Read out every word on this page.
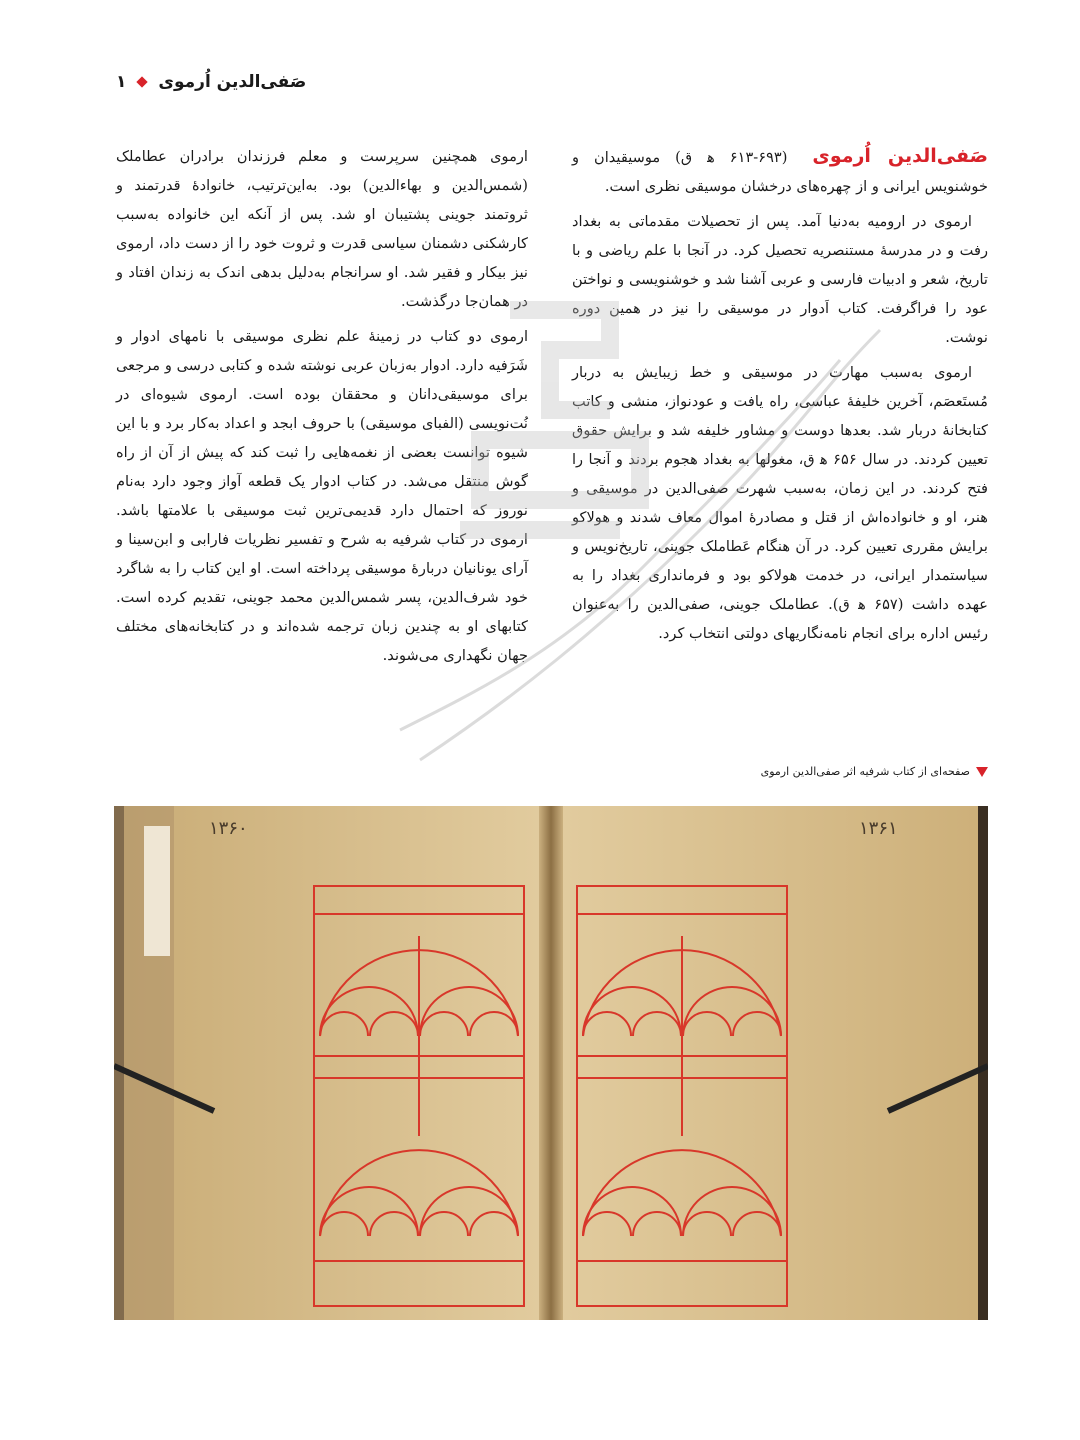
صَفی‌الدین اُرموی
۱

صَفی‌الدین اُرموی (۶۹۳-۶۱۳ ه‍ ق) موسیقیدان و خوشنویس ایرانی و از چهره‌های درخشان موسیقی نظری است.

ارموی در ارومیه به‌دنیا آمد. پس از تحصیلات مقدماتی به بغداد رفت و در مدرسهٔ مستنصریه تحصیل کرد. در آنجا با علم ریاضی و با تاریخ، شعر و ادبیات فارسی و عربی آشنا شد و خوشنویسی و نواختن عود را فراگرفت. کتاب اَدوار در موسیقی را نیز در همین دوره نوشت.

ارموی به‌سبب مهارت در موسیقی و خط زیبایش به دربار مُستَعصَم، آخرین خلیفهٔ عباسی، راه یافت و عودنواز، منشی و کاتب کتابخانهٔ دربار شد. بعدها دوست و مشاور خلیفه شد و برایش حقوق تعیین کردند. در سال ۶۵۶ ه‍ ق، مغولها به بغداد هجوم بردند و آنجا را فتح کردند. در این زمان، به‌سبب شهرت صفی‌الدین در موسیقی و هنر، او و خانواده‌اش از قتل و مصادرهٔ اموال معاف شدند و هولاکو برایش مقرری تعیین کرد. در آن هنگام عَطاملک جوینی، تاریخ‌نویس و سیاستمدار ایرانی، در خدمت هولاکو بود و فرمانداری بغداد را به عهده داشت (۶۵۷ ه‍ ق). عطاملک جوینی، صفی‌الدین را به‌عنوان رئیس اداره برای انجام نامه‌نگاریهای دولتی انتخاب کرد.

ارموی همچنین سرپرست و معلم فرزندان برادران عطاملک (شمس‌الدین و بهاءالدین) بود. به‌این‌ترتیب، خانوادهٔ قدرتمند و ثروتمند جوینی پشتیبان او شد. پس از آنکه این خانواده به‌سبب کارشکنی دشمنان سیاسی قدرت و ثروت خود را از دست داد، ارموی نیز بیکار و فقیر شد. او سرانجام به‌دلیل بدهی اندک به زندان افتاد و در همان‌جا درگذشت.

ارموی دو کتاب در زمینهٔ علم نظری موسیقی با نامهای ادوار و شَرَفیه دارد. ادوار به‌زبان عربی نوشته شده و کتابی درسی و مرجعی برای موسیقی‌دانان و محققان بوده است. ارموی شیوه‌ای در نُت‌نویسی (الفبای موسیقی) با حروف ابجد و اعداد به‌کار برد و با این شیوه توانست بعضی از نغمه‌هایی را ثبت کند که پیش از آن از راه گوش منتقل می‌شد. در کتاب ادوار یک قطعه آواز وجود دارد به‌نام نوروز که احتمال دارد قدیمی‌ترین ثبت موسیقی با علامتها باشد. ارموی در کتاب شرفیه به شرح و تفسیر نظریات فارابی و ابن‌سینا و آرای یونانیان دربارهٔ موسیقی پرداخته است. او این کتاب را به شاگرد خود شرف‌الدین، پسر شمس‌الدین محمد جوینی، تقدیم کرده است. کتابهای او به چندین زبان ترجمه شده‌اند و در کتابخانه‌های مختلف جهان نگهداری می‌شوند.

صفحه‌ای از کتاب شرفیه اثر صفی‌الدین ارموی
۱۳۶۰	۱۳۶۱
